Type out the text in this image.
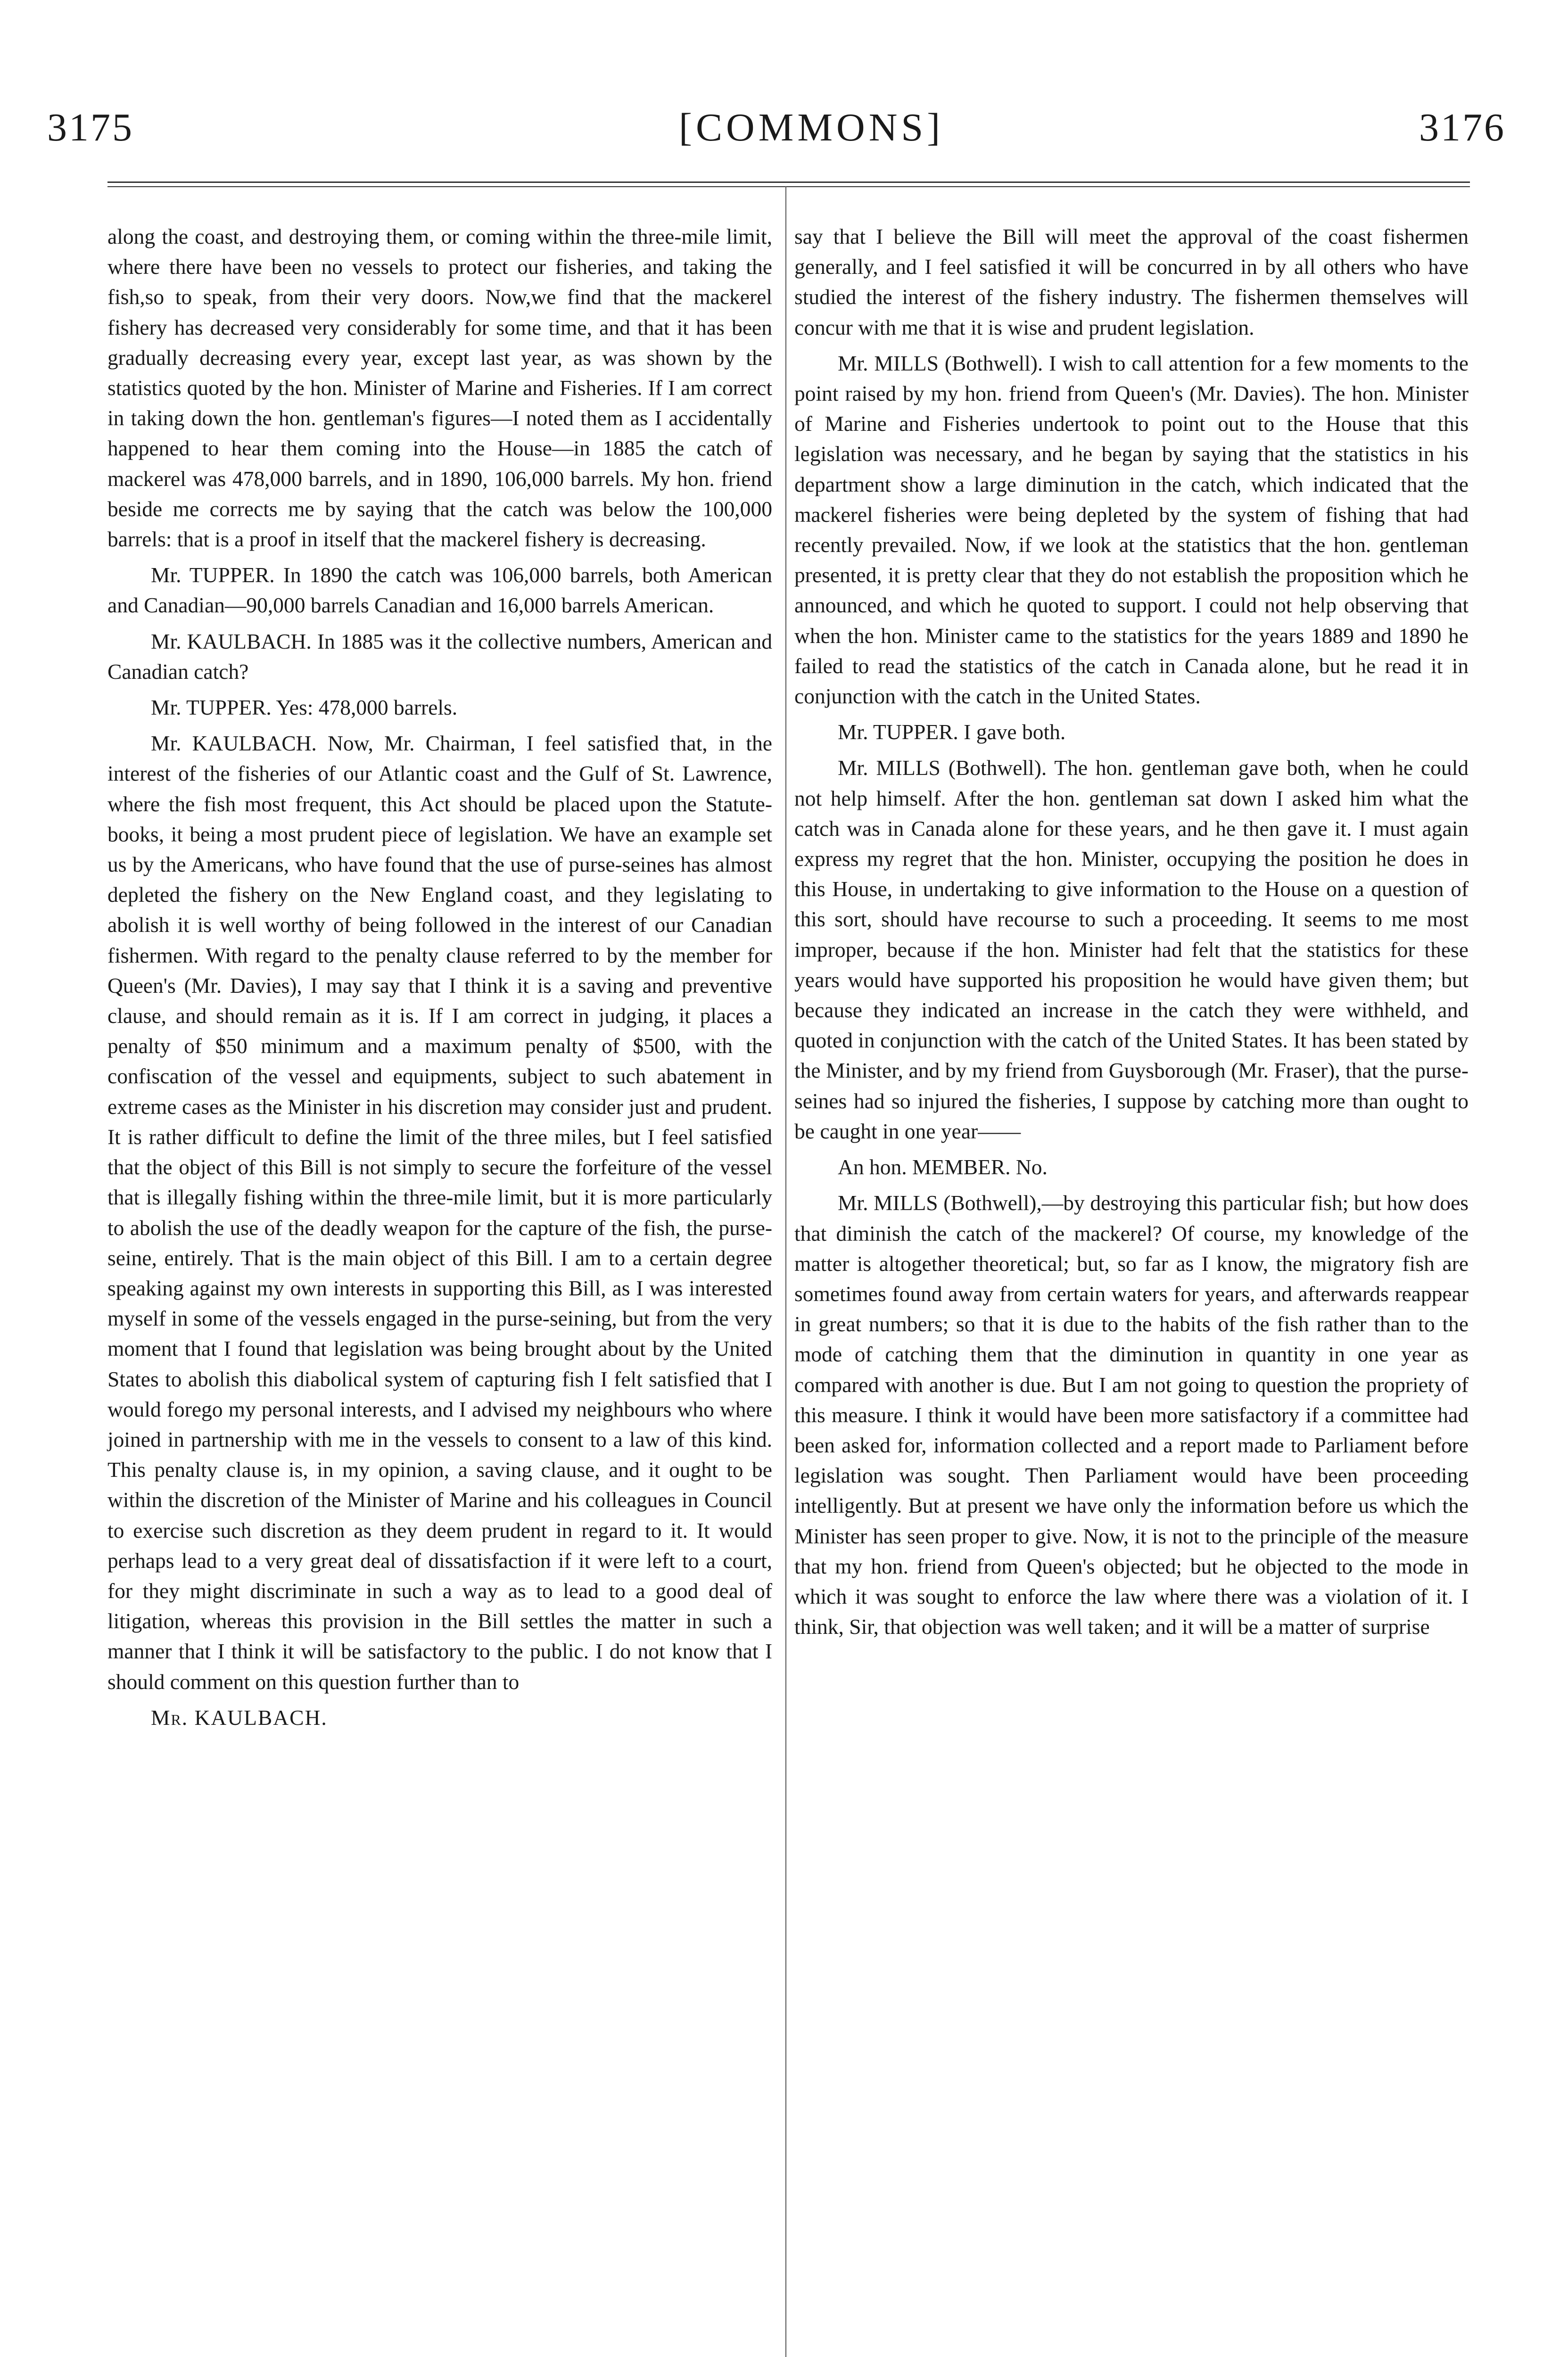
3175	[COMMONS]	3176

along the coast, and destroying them, or coming within the three-mile limit, where there have been no vessels to protect our fisheries, and taking the fish,so to speak, from their very doors. Now,we find that the mackerel fishery has decreased very considerably for some time, and that it has been gradually decreasing every year, except last year, as was shown by the statistics quoted by the hon. Minister of Marine and Fisheries. If I am correct in taking down the hon. gentleman's figures—I noted them as I accidentally happened to hear them coming into the House—in 1885 the catch of mackerel was 478,000 barrels, and in 1890, 106,000 barrels. My hon. friend beside me corrects me by saying that the catch was below the 100,000 barrels: that is a proof in itself that the mackerel fishery is decreasing.

Mr. TUPPER. In 1890 the catch was 106,000 barrels, both American and Canadian—90,000 barrels Canadian and 16,000 barrels American.

Mr. KAULBACH. In 1885 was it the collective numbers, American and Canadian catch?

Mr. TUPPER. Yes: 478,000 barrels.

Mr. KAULBACH. Now, Mr. Chairman, I feel satisfied that, in the interest of the fisheries of our Atlantic coast and the Gulf of St. Lawrence, where the fish most frequent, this Act should be placed upon the Statute-books, it being a most prudent piece of legislation. We have an example set us by the Americans, who have found that the use of purse-seines has almost depleted the fishery on the New England coast, and they legislating to abolish it is well worthy of being followed in the interest of our Canadian fishermen. With regard to the penalty clause referred to by the member for Queen's (Mr. Davies), I may say that I think it is a saving and preventive clause, and should remain as it is. If I am correct in judging, it places a penalty of $50 minimum and a maximum penalty of $500, with the confiscation of the vessel and equipments, subject to such abatement in extreme cases as the Minister in his discretion may consider just and prudent. It is rather difficult to define the limit of the three miles, but I feel satisfied that the object of this Bill is not simply to secure the forfeiture of the vessel that is illegally fishing within the three-mile limit, but it is more particularly to abolish the use of the deadly weapon for the capture of the fish, the purse-seine, entirely. That is the main object of this Bill. I am to a certain degree speaking against my own interests in supporting this Bill, as I was interested myself in some of the vessels engaged in the purse-seining, but from the very moment that I found that legislation was being brought about by the United States to abolish this diabolical system of capturing fish I felt satisfied that I would forego my personal interests, and I advised my neighbours who where joined in partnership with me in the vessels to consent to a law of this kind. This penalty clause is, in my opinion, a saving clause, and it ought to be within the discretion of the Minister of Marine and his colleagues in Council to exercise such discretion as they deem prudent in regard to it. It would perhaps lead to a very great deal of dissatisfaction if it were left to a court, for they might discriminate in such a way as to lead to a good deal of litigation, whereas this provision in the Bill settles the matter in such a manner that I think it will be satisfactory to the public. I do not know that I should comment on this question further than to

Mr. KAULBACH.

say that I believe the Bill will meet the approval of the coast fishermen generally, and I feel satisfied it will be concurred in by all others who have studied the interest of the fishery industry. The fishermen themselves will concur with me that it is wise and prudent legislation.

Mr. MILLS (Bothwell). I wish to call attention for a few moments to the point raised by my hon. friend from Queen's (Mr. Davies). The hon. Minister of Marine and Fisheries undertook to point out to the House that this legislation was necessary, and he began by saying that the statistics in his department show a large diminution in the catch, which indicated that the mackerel fisheries were being depleted by the system of fishing that had recently prevailed. Now, if we look at the statistics that the hon. gentleman presented, it is pretty clear that they do not establish the proposition which he announced, and which he quoted to support. I could not help observing that when the hon. Minister came to the statistics for the years 1889 and 1890 he failed to read the statistics of the catch in Canada alone, but he read it in conjunction with the catch in the United States.

Mr. TUPPER. I gave both.

Mr. MILLS (Bothwell). The hon. gentleman gave both, when he could not help himself. After the hon. gentleman sat down I asked him what the catch was in Canada alone for these years, and he then gave it. I must again express my regret that the hon. Minister, occupying the position he does in this House, in undertaking to give information to the House on a question of this sort, should have recourse to such a proceeding. It seems to me most improper, because if the hon. Minister had felt that the statistics for these years would have supported his proposition he would have given them; but because they indicated an increase in the catch they were withheld, and quoted in conjunction with the catch of the United States. It has been stated by the Minister, and by my friend from Guysborough (Mr. Fraser), that the purse-seines had so injured the fisheries, I suppose by catching more than ought to be caught in one year——

An hon. MEMBER. No.

Mr. MILLS (Bothwell),—by destroying this particular fish; but how does that diminish the catch of the mackerel? Of course, my knowledge of the matter is altogether theoretical; but, so far as I know, the migratory fish are sometimes found away from certain waters for years, and afterwards reappear in great numbers; so that it is due to the habits of the fish rather than to the mode of catching them that the diminution in quantity in one year as compared with another is due. But I am not going to question the propriety of this measure. I think it would have been more satisfactory if a committee had been asked for, information collected and a report made to Parliament before legislation was sought. Then Parliament would have been proceeding intelligently. But at present we have only the information before us which the Minister has seen proper to give. Now, it is not to the principle of the measure that my hon. friend from Queen's objected; but he objected to the mode in which it was sought to enforce the law where there was a violation of it. I think, Sir, that objection was well taken; and it will be a matter of surprise
